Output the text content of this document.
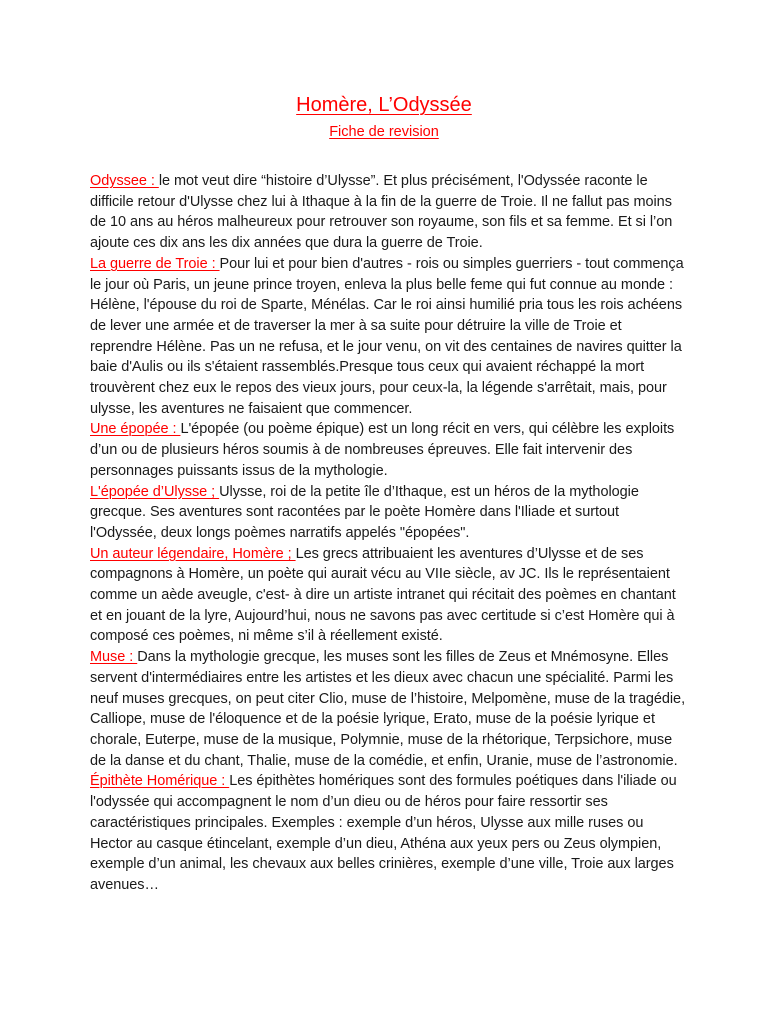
Homère, L’Odyssée
Fiche de revision

Odyssee : le mot veut dire “histoire d’Ulysse”. Et plus précisément, l'Odyssée raconte le difficile retour d'Ulysse chez lui à Ithaque à la fin de la guerre de Troie. Il ne fallut pas moins de 10 ans au héros malheureux pour retrouver son royaume, son fils et sa femme. Et si l’on ajoute ces dix ans les dix années que dura la guerre de Troie.

La guerre de Troie : Pour lui et pour bien d'autres - rois ou simples guerriers - tout commença le jour où Paris, un jeune prince troyen, enleva la plus belle feme qui fut connue au monde : Hélène, l'épouse du roi de Sparte, Ménélas. Car le roi ainsi humilié pria tous les rois achéens de lever une armée et de traverser la mer à sa suite pour détruire la ville de Troie et reprendre Hélène. Pas un ne refusa, et le jour venu, on vit des centaines de navires quitter la baie d'Aulis ou ils s'étaient rassemblés.Presque tous ceux qui avaient réchappé la mort trouvèrent chez eux le repos des vieux jours, pour ceux-la, la légende s'arrêtait, mais, pour ulysse, les aventures ne faisaient que commencer.

Une épopée : L'épopée (ou poème épique) est un long récit en vers, qui célèbre les exploits d’un ou de plusieurs héros soumis à de nombreuses épreuves. Elle fait intervenir des personnages puissants issus de la mythologie.

L'épopée d’Ulysse ; Ulysse, roi de la petite île d’Ithaque, est un héros de la mythologie grecque. Ses aventures sont racontées par le poète Homère dans l'Iliade et surtout l'Odyssée, deux longs poèmes narratifs appelés "épopées".

Un auteur légendaire, Homère ; Les grecs attribuaient les aventures d’Ulysse et de ses compagnons à Homère, un poète qui aurait vécu au VIIe siècle, av JC. Ils le représentaient comme un aède aveugle, c'est- à dire un artiste intranet qui récitait des poèmes en chantant et en jouant de la lyre, Aujourd’hui, nous ne savons pas avec certitude si c’est Homère qui à composé ces poèmes, ni même s’il à réellement existé.

Muse : Dans la mythologie grecque, les muses sont les filles de Zeus et Mnémosyne. Elles servent d'intermédiaires entre les artistes et les dieux avec chacun une spécialité. Parmi les neuf muses grecques, on peut citer Clio, muse de l’histoire, Melpomène, muse de la tragédie, Calliope, muse de l'éloquence et de la poésie lyrique, Erato, muse de la poésie lyrique et chorale, Euterpe, muse de la musique, Polymnie, muse de la rhétorique, Terpsichore, muse de la danse et du chant, Thalie, muse de la comédie, et enfin, Uranie, muse de l’astronomie.

Épithète Homérique : Les épithètes homériques sont des formules poétiques dans l'iliade ou l'odyssée qui accompagnent le nom d’un dieu ou de héros pour faire ressortir ses caractéristiques principales. Exemples : exemple d’un héros, Ulysse aux mille ruses ou Hector au casque étincelant, exemple d’un dieu, Athéna aux yeux pers ou Zeus olympien, exemple d’un animal, les chevaux aux belles crinières, exemple d’une ville, Troie aux larges avenues…
